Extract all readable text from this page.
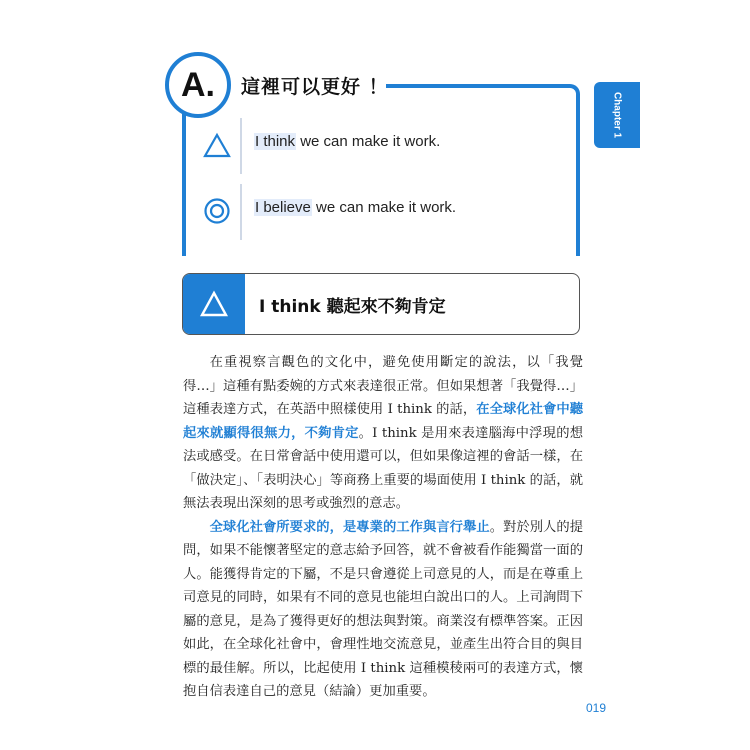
A.	這裡可以更好 ！
I think we can make it work.
I believe we can make it work.
Chapter 1
I think 聽起來不夠肯定

在重視察言觀色的文化中，避免使用斷定的說法，以「我覺得…」這種有點委婉的方式來表達很正常。但如果想著「我覺得…」這種表達方式，在英語中照樣使用 I think 的話，在全球化社會中聽起來就顯得很無力，不夠肯定。I think 是用來表達腦海中浮現的想法或感受。在日常會話中使用還可以，但如果像這裡的會話一樣，在「做決定」、「表明決心」等商務上重要的場面使用 I think 的話，就無法表現出深刻的思考或強烈的意志。

全球化社會所要求的，是專業的工作與言行舉止。對於別人的提問，如果不能懷著堅定的意志給予回答，就不會被看作能獨當一面的人。能獲得肯定的下屬，不是只會遵從上司意見的人，而是在尊重上司意見的同時，如果有不同的意見也能坦白說出口的人。上司詢問下屬的意見，是為了獲得更好的想法與對策。商業沒有標準答案。正因如此，在全球化社會中，會理性地交流意見，並產生出符合目的與目標的最佳解。所以，比起使用 I think 這種模稜兩可的表達方式，懷抱自信表達自己的意見（結論）更加重要。

019
